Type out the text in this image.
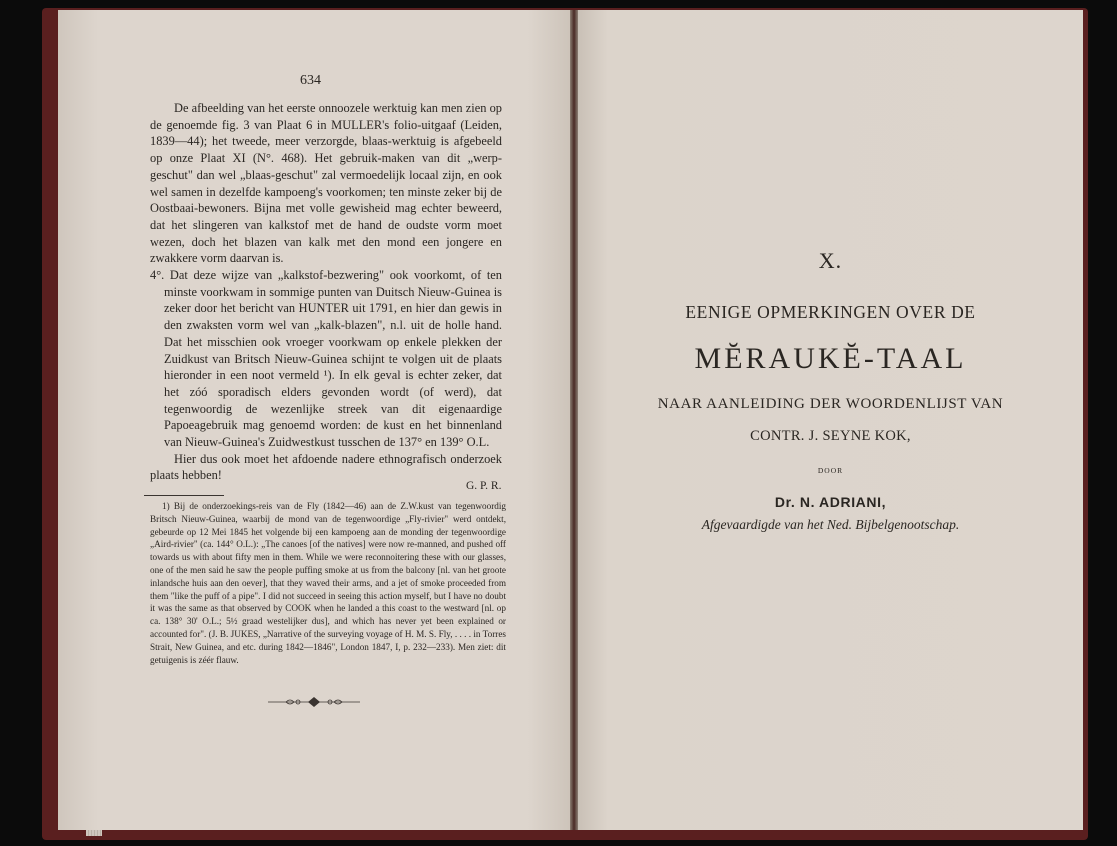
634

De afbeelding van het eerste onnoozele werktuig kan men zien op de genoemde fig. 3 van Plaat 6 in MULLER's folio-uitgaaf (Leiden, 1839—44); het tweede, meer verzorgde, blaas-werktuig is afgebeeld op onze Plaat XI (N°. 468). Het gebruik-maken van dit „werp-geschut" dan wel „blaas-geschut" zal vermoedelijk locaal zijn, en ook wel samen in dezelfde kampoeng's voorkomen; ten minste zeker bij de Oostbaai-bewoners. Bijna met volle gewisheid mag echter beweerd, dat het slingeren van kalkstof met de hand de oudste vorm moet wezen, doch het blazen van kalk met den mond een jongere en zwakkere vorm daarvan is.

4°. Dat deze wijze van „kalkstof-bezwering" ook voorkomt, of ten minste voorkwam in sommige punten van Duitsch Nieuw-Guinea is zeker door het bericht van HUNTER uit 1791, en hier dan gewis in den zwaksten vorm wel van „kalk-blazen", n.l. uit de holle hand. Dat het misschien ook vroeger voorkwam op enkele plekken der Zuidkust van Britsch Nieuw-Guinea schijnt te volgen uit de plaats hieronder in een noot vermeld ¹). In elk geval is echter zeker, dat het zóó sporadisch elders gevonden wordt (of werd), dat tegenwoordig de wezenlijke streek van dit eigenaardige Papoeagebruik mag genoemd worden: de kust en het binnenland van Nieuw-Guinea's Zuidwestkust tusschen de 137° en 139° O.L.

Hier dus ook moet het afdoende nadere ethnografisch onderzoek plaats hebben!

G. P. R.

1) Bij de onderzoekings-reis van de Fly (1842—46) aan de Z.W.kust van tegenwoordig Britsch Nieuw-Guinea, waarbij de mond van de tegenwoordige „Fly-rivier" werd ontdekt, gebeurde op 12 Mei 1845 het volgende bij een kampoeng aan de monding der tegenwoordige „Aird-rivier" (ca. 144° O.L.): „The canoes [of the natives] were now re-manned, and pushed off towards us with about fifty men in them. While we were reconnoitering these with our glasses, one of the men said he saw the people puffing smoke at us from the balcony [nl. van het groote inlandsche huis aan den oever], that they waved their arms, and a jet of smoke proceeded from them "like the puff of a pipe". I did not succeed in seeing this action myself, but I have no doubt it was the same as that observed by COOK when he landed a this coast to the westward [nl. op ca. 138° 30' O.L.; 5½ graad westelijker dus], and which has never yet been explained or accounted for". (J. B. JUKES, „Narrative of the surveying voyage of H. M. S. Fly, . . . . in Torres Strait, New Guinea, and etc. during 1842—1846", London 1847, I, p. 232—233). Men ziet: dit getuigenis is zéér flauw.

X.
EENIGE OPMERKINGEN OVER DE
MĔRAUKĔ-TAAL
NAAR AANLEIDING DER WOORDENLIJST VAN
CONTR. J. SEYNE KOK,
DOOR
Dr. N. ADRIANI,
Afgevaardigde van het Ned. Bijbelgenootschap.
